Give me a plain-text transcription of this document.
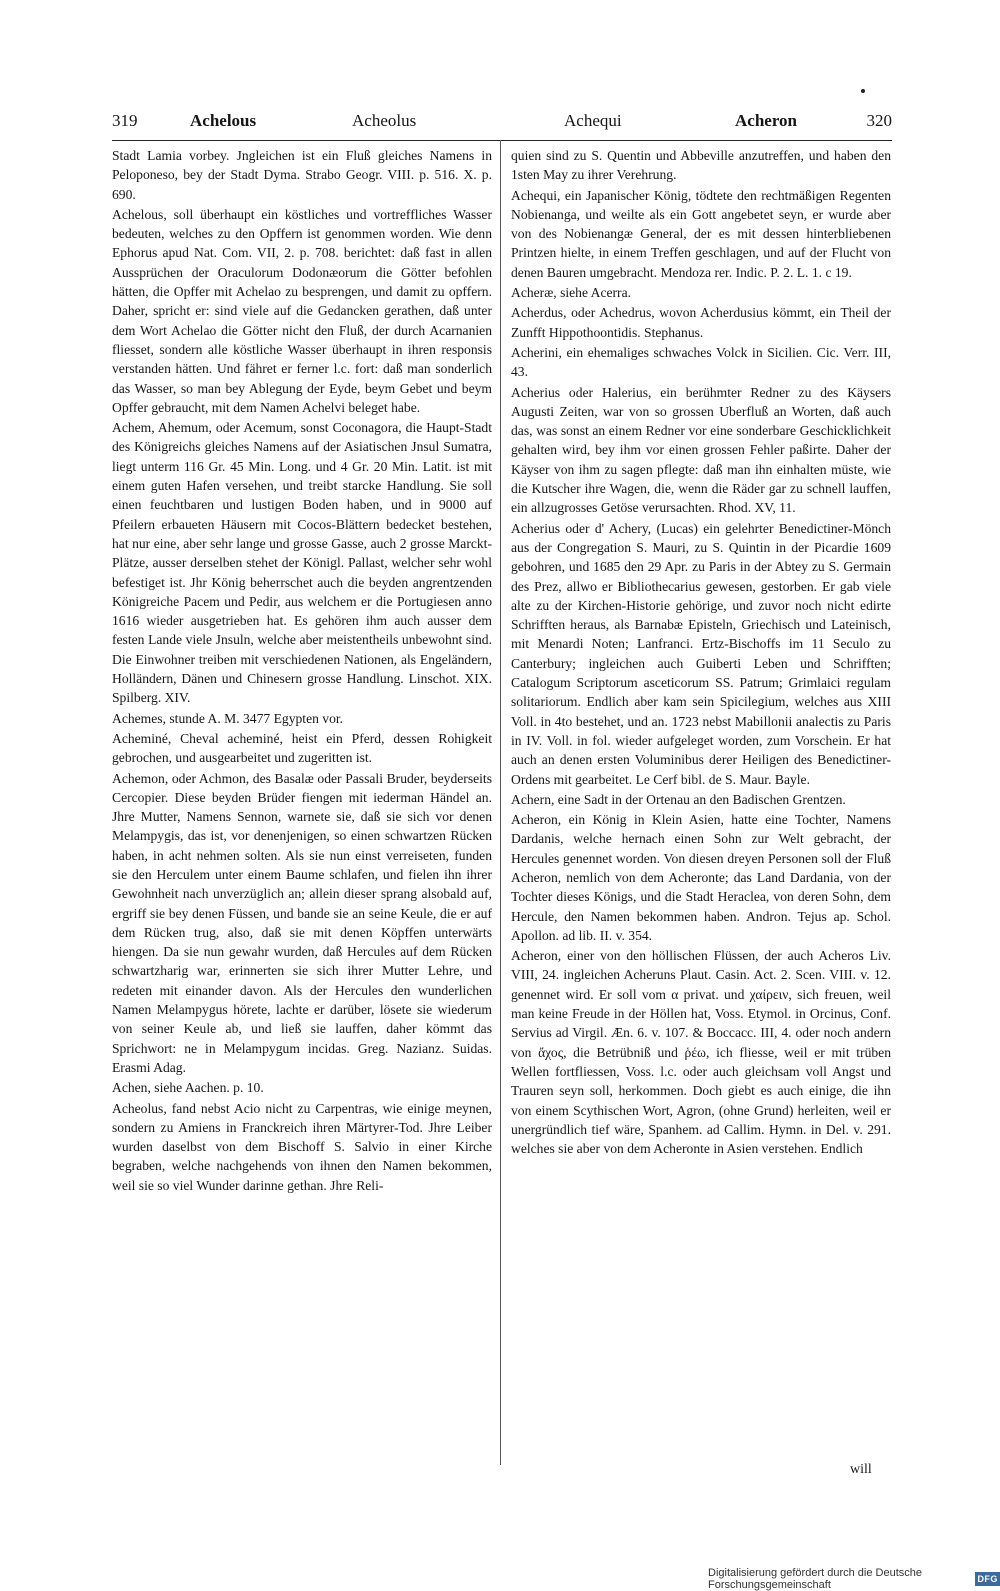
319	Achelous	Acheolus	Achequi	Acheron	320

Stadt Lamia vorbey. Jngleichen ist ein Fluß gleiches Namens in Peloponeso, bey der Stadt Dyma. Strabo Geogr. VIII. p. 516. X. p. 690.

Achelous, soll überhaupt ein köstliches und vortreffliches Wasser bedeuten, welches zu den Opffern ist genommen worden. Wie denn Ephorus apud Nat. Com. VII, 2. p. 708. berichtet: daß fast in allen Aussprüchen der Oraculorum Dodonæorum die Götter befohlen hätten, die Opffer mit Achelao zu besprengen, und damit zu opffern. Daher, spricht er: sind viele auf die Gedancken gerathen, daß unter dem Wort Achelao die Götter nicht den Fluß, der durch Acarnanien fliesset, sondern alle köstliche Wasser überhaupt in ihren responsis verstanden hätten. Und fähret er ferner l.c. fort: daß man sonderlich das Wasser, so man bey Ablegung der Eyde, beym Gebet und beym Opffer gebraucht, mit dem Namen Achelvi beleget habe.

Achem, Ahemum, oder Acemum, sonst Coconagora, die Haupt-Stadt des Königreichs gleiches Namens auf der Asiatischen Jnsul Sumatra, liegt unterm 116 Gr. 45 Min. Long. und 4 Gr. 20 Min. Latit. ist mit einem guten Hafen versehen, und treibt starcke Handlung. Sie soll einen feuchtbaren und lustigen Boden haben, und in 9000 auf Pfeilern erbaueten Häusern mit Cocos-Blättern bedecket bestehen, hat nur eine, aber sehr lange und grosse Gasse, auch 2 grosse Marckt-Plätze, ausser derselben stehet der Königl. Pallast, welcher sehr wohl befestiget ist. Jhr König beherrschet auch die beyden angrentzenden Königreiche Pacem und Pedir, aus welchem er die Portugiesen anno 1616 wieder ausgetrieben hat. Es gehören ihm auch ausser dem festen Lande viele Jnsuln, welche aber meistentheils unbewohnt sind. Die Einwohner treiben mit verschiedenen Nationen, als Engeländern, Holländern, Dänen und Chinesern grosse Handlung. Linschot. XIX. Spilberg. XIV.

Achemes, stunde A. M. 3477 Egypten vor.

Acheminé, Cheval acheminé, heist ein Pferd, dessen Rohigkeit gebrochen, und ausgearbeitet und zugeritten ist.

Achemon, oder Achmon, des Basalæ oder Passali Bruder, beyderseits Cercopier. Diese beyden Brüder fiengen mit iederman Händel an. Jhre Mutter, Namens Sennon, warnete sie, daß sie sich vor denen Melampygis, das ist, vor denenjenigen, so einen schwartzen Rücken haben, in acht nehmen solten. Als sie nun einst verreiseten, funden sie den Herculem unter einem Baume schlafen, und fielen ihn ihrer Gewohnheit nach unverzüglich an; allein dieser sprang alsobald auf, ergriff sie bey denen Füssen, und bande sie an seine Keule, die er auf dem Rücken trug, also, daß sie mit denen Köpffen unterwärts hiengen. Da sie nun gewahr wurden, daß Hercules auf dem Rücken schwartzharig war, erinnerten sie sich ihrer Mutter Lehre, und redeten mit einander davon. Als der Hercules den wunderlichen Namen Melampygus hörete, lachte er darüber, lösete sie wiederum von seiner Keule ab, und ließ sie lauffen, daher kömmt das Sprichwort: ne in Melampygum incidas. Greg. Nazianz. Suidas. Erasmi Adag.

Achen, siehe Aachen. p. 10.

Acheolus, fand nebst Acio nicht zu Carpentras, wie einige meynen, sondern zu Amiens in Franckreich ihren Märtyrer-Tod. Jhre Leiber wurden daselbst von dem Bischoff S. Salvio in einer Kirche begraben, welche nachgehends von ihnen den Namen bekommen, weil sie so viel Wunder darinne gethan. Jhre Reli-

quien sind zu S. Quentin und Abbeville anzutreffen, und haben den 1sten May zu ihrer Verehrung.

Achequi, ein Japanischer König, tödtete den rechtmäßigen Regenten Nobienanga, und weilte als ein Gott angebetet seyn, er wurde aber von des Nobienangæ General, der es mit dessen hinterbliebenen Printzen hielte, in einem Treffen geschlagen, und auf der Flucht von denen Bauren umgebracht. Mendoza rer. Indic. P. 2. L. 1. c 19.

Acheræ, siehe Acerra.

Acherdus, oder Achedrus, wovon Acherdusius kömmt, ein Theil der Zunfft Hippothoontidis. Stephanus.

Acherini, ein ehemaliges schwaches Volck in Sicilien. Cic. Verr. III, 43.

Acherius oder Halerius, ein berühmter Redner zu des Käysers Augusti Zeiten, war von so grossen Uberfluß an Worten, daß auch das, was sonst an einem Redner vor eine sonderbare Geschicklichkeit gehalten wird, bey ihm vor einen grossen Fehler paßirte. Daher der Käyser von ihm zu sagen pflegte: daß man ihn einhalten müste, wie die Kutscher ihre Wagen, die, wenn die Räder gar zu schnell lauffen, ein allzugrosses Getöse verursachten. Rhod. XV, 11.

Acherius oder d' Achery, (Lucas) ein gelehrter Benedictiner-Mönch aus der Congregation S. Mauri, zu S. Quintin in der Picardie 1609 gebohren, und 1685 den 29 Apr. zu Paris in der Abtey zu S. Germain des Prez, allwo er Bibliothecarius gewesen, gestorben. Er gab viele alte zu der Kirchen-Historie gehörige, und zuvor noch nicht edirte Schrifften heraus, als Barnabæ Episteln, Griechisch und Lateinisch, mit Menardi Noten; Lanfranci. Ertz-Bischoffs im 11 Seculo zu Canterbury; ingleichen auch Guiberti Leben und Schrifften; Catalogum Scriptorum asceticorum SS. Patrum; Grimlaici regulam solitariorum. Endlich aber kam sein Spicilegium, welches aus XIII Voll. in 4to bestehet, und an. 1723 nebst Mabillonii analectis zu Paris in IV. Voll. in fol. wieder aufgeleget worden, zum Vorschein. Er hat auch an denen ersten Voluminibus derer Heiligen des Benedictiner-Ordens mit gearbeitet. Le Cerf bibl. de S. Maur. Bayle.

Achern, eine Sadt in der Ortenau an den Badischen Grentzen.

Acheron, ein König in Klein Asien, hatte eine Tochter, Namens Dardanis, welche hernach einen Sohn zur Welt gebracht, der Hercules genennet worden. Von diesen dreyen Personen soll der Fluß Acheron, nemlich von dem Acheronte; das Land Dardania, von der Tochter dieses Königs, und die Stadt Heraclea, von deren Sohn, dem Hercule, den Namen bekommen haben. Andron. Tejus ap. Schol. Apollon. ad lib. II. v. 354.

Acheron, einer von den höllischen Flüssen, der auch Acheros Liv. VIII, 24. ingleichen Acheruns Plaut. Casin. Act. 2. Scen. VIII. v. 12. genennet wird. Er soll vom α privat. und χαίρειν, sich freuen, weil man keine Freude in der Höllen hat, Voss. Etymol. in Orcinus, Conf. Servius ad Virgil. Æn. 6. v. 107. & Boccacc. III, 4. oder noch andern von ἄχος, die Betrübniß und ῥέω, ich fliesse, weil er mit trüben Wellen fortfliessen, Voss. l.c. oder auch gleichsam voll Angst und Trauren seyn soll, herkommen. Doch giebt es auch einige, die ihn von einem Scythischen Wort, Agron, (ohne Grund) herleiten, weil er unergründlich tief wäre, Spanhem. ad Callim. Hymn. in Del. v. 291. welches sie aber von dem Acheronte in Asien verstehen. Endlich

will
Digitalisierung gefördert durch die Deutsche Forschungsgemeinschaft	DFG
